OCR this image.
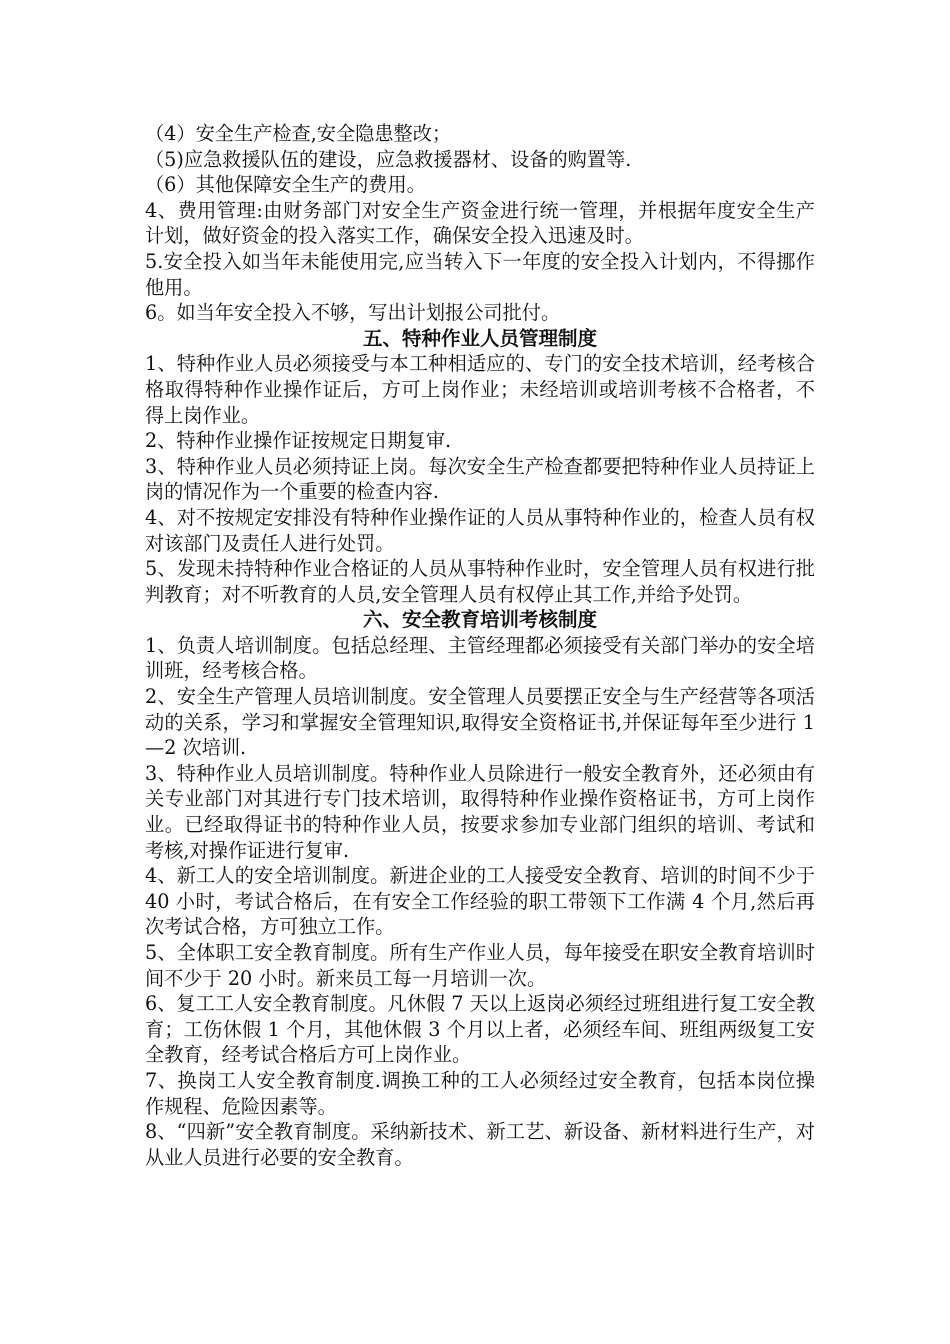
（4）安全生产检查,安全隐患整改；

（5)应急救援队伍的建设，应急救援器材、设备的购置等.

（6）其他保障安全生产的费用。

4、费用管理:由财务部门对安全生产资金进行统一管理，并根据年度安全生产计划，做好资金的投入落实工作，确保安全投入迅速及时。

5.安全投入如当年未能使用完,应当转入下一年度的安全投入计划内，不得挪作他用。

6。如当年安全投入不够，写出计划报公司批付。

五、特种作业人员管理制度

1、特种作业人员必须接受与本工种相适应的、专门的安全技术培训，经考核合格取得特种作业操作证后，方可上岗作业；未经培训或培训考核不合格者，不得上岗作业。

2、特种作业操作证按规定日期复审.

3、特种作业人员必须持证上岗。每次安全生产检查都要把特种作业人员持证上岗的情况作为一个重要的检查内容.

4、对不按规定安排没有特种作业操作证的人员从事特种作业的，检查人员有权对该部门及责任人进行处罚。

5、发现未持特种作业合格证的人员从事特种作业时，安全管理人员有权进行批判教育；对不听教育的人员,安全管理人员有权停止其工作,并给予处罚。

六、安全教育培训考核制度

1、负责人培训制度。包括总经理、主管经理都必须接受有关部门举办的安全培训班，经考核合格。

2、安全生产管理人员培训制度。安全管理人员要摆正安全与生产经营等各项活动的关系，学习和掌握安全管理知识,取得安全资格证书,并保证每年至少进行 1—2 次培训.

3、特种作业人员培训制度。特种作业人员除进行一般安全教育外，还必须由有关专业部门对其进行专门技术培训，取得特种作业操作资格证书，方可上岗作业。已经取得证书的特种作业人员，按要求参加专业部门组织的培训、考试和考核,对操作证进行复审.

4、新工人的安全培训制度。新进企业的工人接受安全教育、培训的时间不少于 40 小时，考试合格后，在有安全工作经验的职工带领下工作满 4 个月,然后再次考试合格，方可独立工作。

5、全体职工安全教育制度。所有生产作业人员，每年接受在职安全教育培训时间不少于 20 小时。新来员工每一月培训一次。

6、复工工人安全教育制度。凡休假 7 天以上返岗必须经过班组进行复工安全教育；工伤休假 1 个月，其他休假 3 个月以上者，必须经车间、班组两级复工安全教育，经考试合格后方可上岗作业。

7、换岗工人安全教育制度.调换工种的工人必须经过安全教育，包括本岗位操作规程、危险因素等。

8、“四新”安全教育制度。采纳新技术、新工艺、新设备、新材料进行生产，对从业人员进行必要的安全教育。
